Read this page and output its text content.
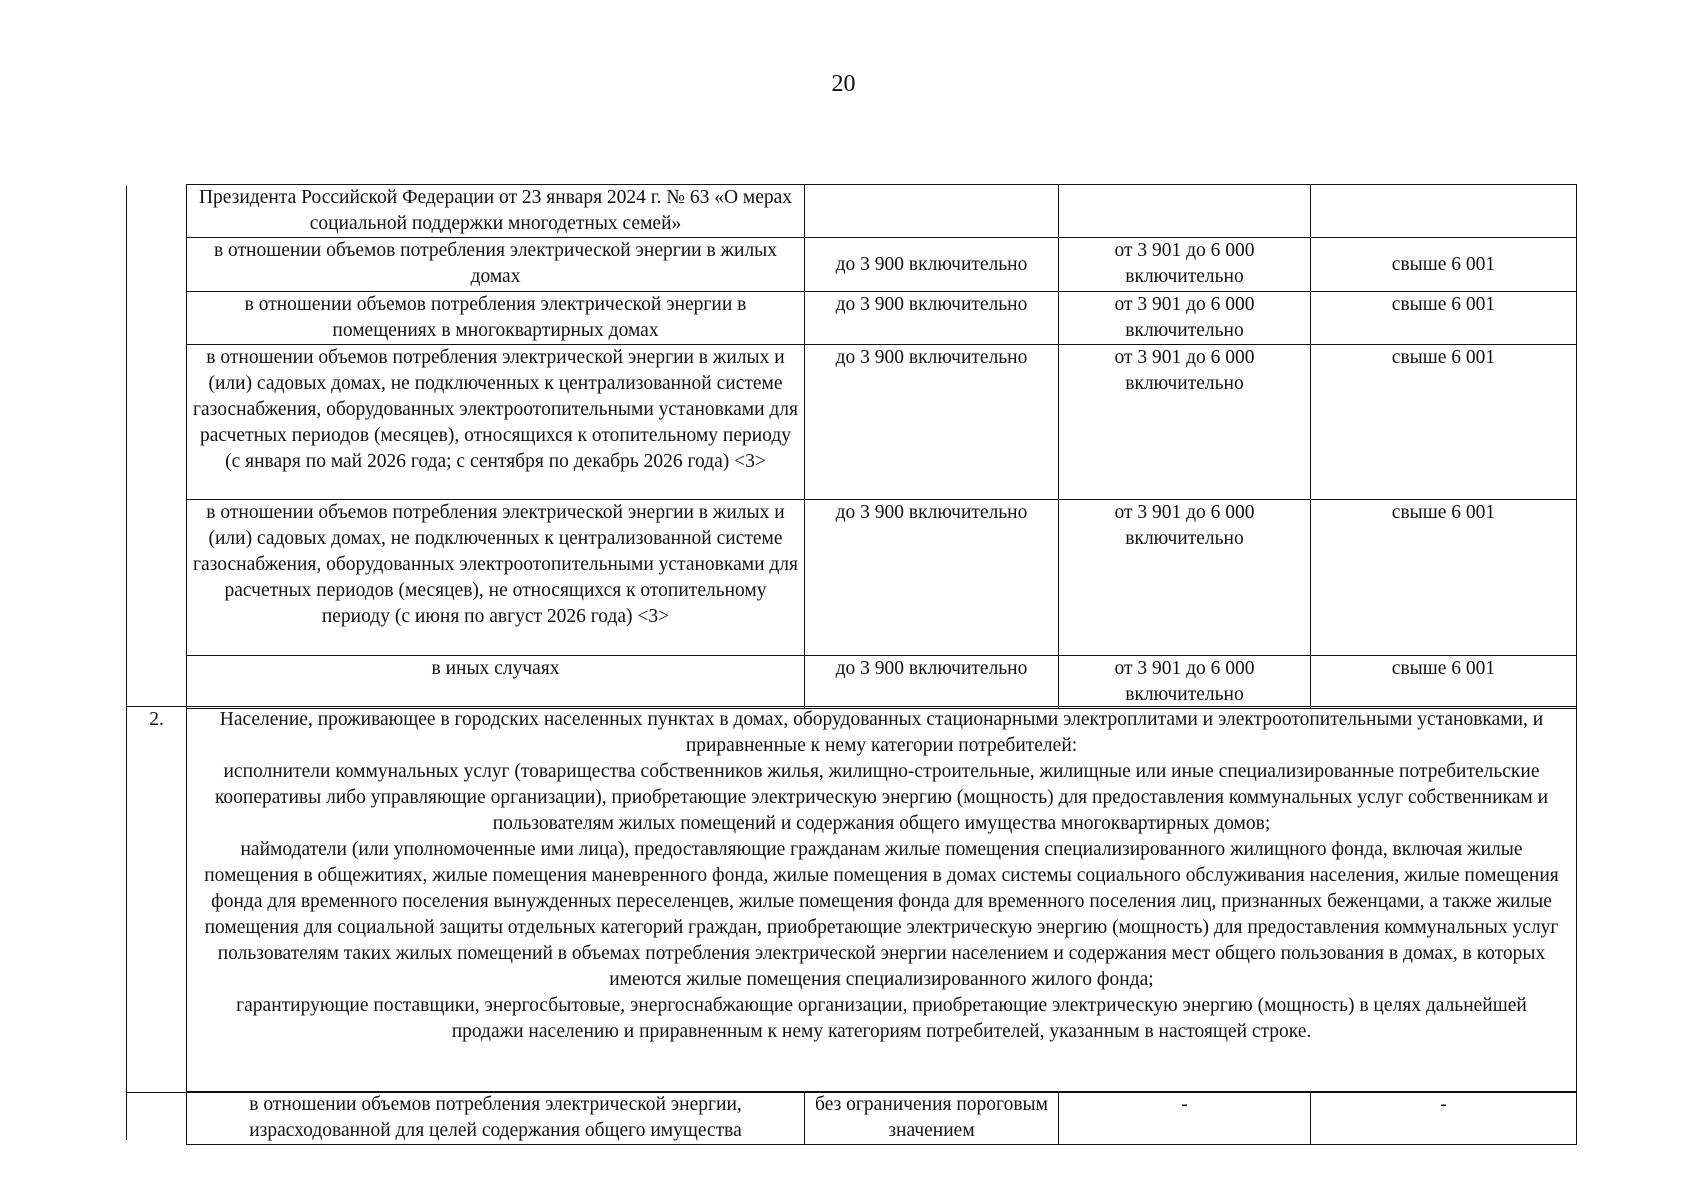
20
Президента Российской Федерации от 23 января 2024 г. № 63 «О мерах социальной поддержки многодетных семей»			
в отношении объемов потребления электрической энергии в жилых домах	до 3 900 включительно	от 3 901 до 6 000 включительно	свыше 6 001
в отношении объемов потребления электрической энергии в помещениях в многоквартирных домах	до 3 900 включительно	от 3 901 до 6 000 включительно	свыше 6 001
в отношении объемов потребления электрической энергии в жилых и (или) садовых домах, не подключенных к централизованной системе газоснабжения, оборудованных электроотопительными установками для расчетных периодов (месяцев), относящихся к отопительному периоду (с января по май 2026 года; с сентября по декабрь 2026 года) <3>	до 3 900 включительно	от 3 901 до 6 000 включительно	свыше 6 001
в отношении объемов потребления электрической энергии в жилых и (или) садовых домах, не подключенных к централизованной системе газоснабжения, оборудованных электроотопительными установками для расчетных периодов (месяцев), не относящихся к отопительному периоду (с июня по август 2026 года) <3>	до 3 900 включительно	от 3 901 до 6 000 включительно	свыше 6 001
в иных случаях	до 3 900 включительно	от 3 901 до 6 000 включительно	свыше 6 001
2.	Население, проживающее в городских населенных пунктах в домах, оборудованных стационарными электроплитами и электроотопительными установками, и приравненные к нему категории потребителей:
исполнители коммунальных услуг (товарищества собственников жилья, жилищно-строительные, жилищные или иные специализированные потребительские кооперативы либо управляющие организации), приобретающие электрическую энергию (мощность) для предоставления коммунальных услуг собственникам и пользователям жилых помещений и содержания общего имущества многоквартирных домов;
наймодатели (или уполномоченные ими лица), предоставляющие гражданам жилые помещения специализированного жилищного фонда, включая жилые помещения в общежитиях, жилые помещения маневренного фонда, жилые помещения в домах системы социального обслуживания населения, жилые помещения фонда для временного поселения вынужденных переселенцев, жилые помещения фонда для временного поселения лиц, признанных беженцами, а также жилые помещения для социальной защиты отдельных категорий граждан, приобретающие электрическую энергию (мощность) для предоставления коммунальных услуг пользователям таких жилых помещений в объемах потребления электрической энергии населением и содержания мест общего пользования в домах, в которых имеются жилые помещения специализированного жилого фонда;
гарантирующие поставщики, энергосбытовые, энергоснабжающие организации, приобретающие электрическую энергию (мощность) в целях дальнейшей продажи населению и приравненным к нему категориям потребителей, указанным в настоящей строке.
в отношении объемов потребления электрической энергии, израсходованной для целей содержания общего имущества	без ограничения пороговым значением	-	-
